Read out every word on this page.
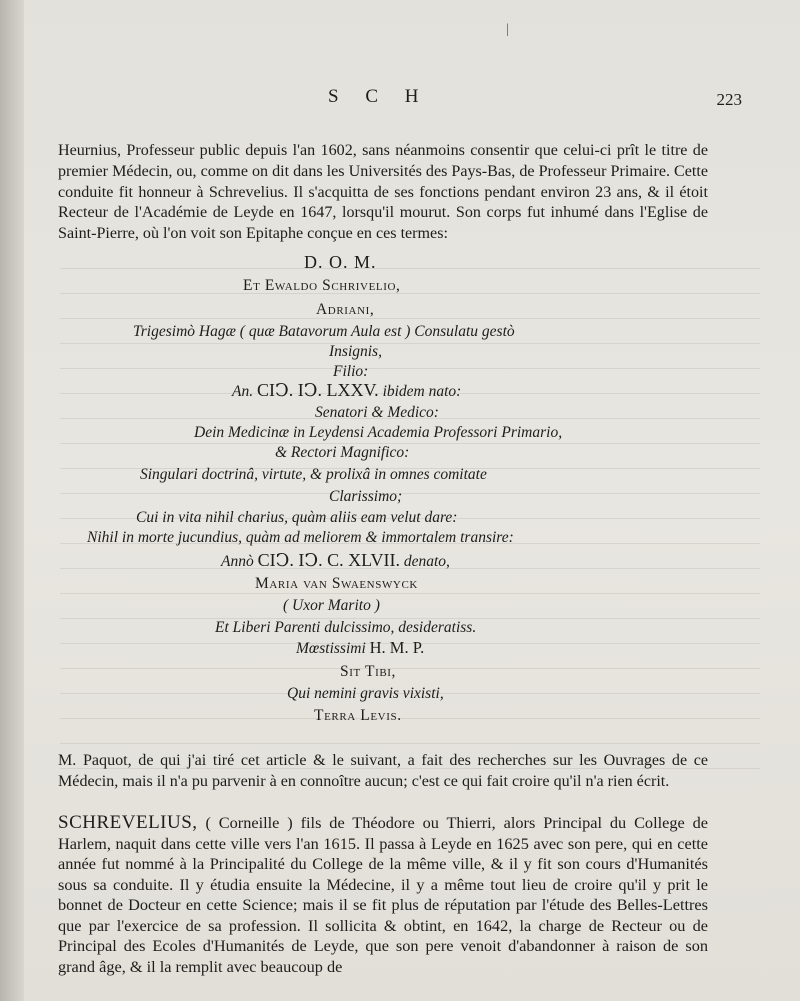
|
S C H	223

Heurnius, Professeur public depuis l'an 1602, sans néanmoins consentir que celui-ci prît le titre de premier Médecin, ou, comme on dit dans les Universités des Pays-Bas, de Professeur Primaire. Cette conduite fit honneur à Schrevelius. Il s'acquitta de ses fonctions pendant environ 23 ans, & il étoit Recteur de l'Académie de Leyde en 1647, lorsqu'il mourut. Son corps fut inhumé dans l'Eglise de Saint-Pierre, où l'on voit son Epitaphe conçue en ces termes:

D. O. M.
Et Ewaldo Schrivelio,
Adriani,
Trigesimò Hagæ ( quæ Batavorum Aula est ) Consulatu gestò
Insignis,
Filio:
An. CIↃ. IↃ. LXXV. ibidem nato:
Senatori & Medico:
Dein Medicinæ in Leydensi Academia Professori Primario,
& Rectori Magnifico:
Singulari doctrinâ, virtute, & prolixâ in omnes comitate
Clarissimo;
Cui in vita nihil charius, quàm aliis eam velut dare:
Nihil in morte jucundius, quàm ad meliorem & immortalem transire:
Annò CIↃ. IↃ. C. XLVII. denato,
Maria van Swaenswyck
( Uxor Marito )
Et Liberi Parenti dulcissimo, desideratiss.
Mœstissimi H. M. P.
Sit Tibi,
Qui nemini gravis vixisti,
Terra Levis.

M. Paquot, de qui j'ai tiré cet article & le suivant, a fait des recherches sur les Ouvrages de ce Médecin, mais il n'a pu parvenir à en connoître aucun; c'est ce qui fait croire qu'il n'a rien écrit.

SCHREVELIUS, ( Corneille ) fils de Théodore ou Thierri, alors Principal du College de Harlem, naquit dans cette ville vers l'an 1615. Il passa à Leyde en 1625 avec son pere, qui en cette année fut nommé à la Principalité du College de la même ville, & il y fit son cours d'Humanités sous sa conduite. Il y étudia ensuite la Médecine, il y a même tout lieu de croire qu'il y prit le bonnet de Docteur en cette Science; mais il se fit plus de réputation par l'étude des Belles-Lettres que par l'exercice de sa profession. Il sollicita & obtint, en 1642, la charge de Recteur ou de Principal des Ecoles d'Humanités de Leyde, que son pere venoit d'abandonner à raison de son grand âge, & il la remplit avec beaucoup de
